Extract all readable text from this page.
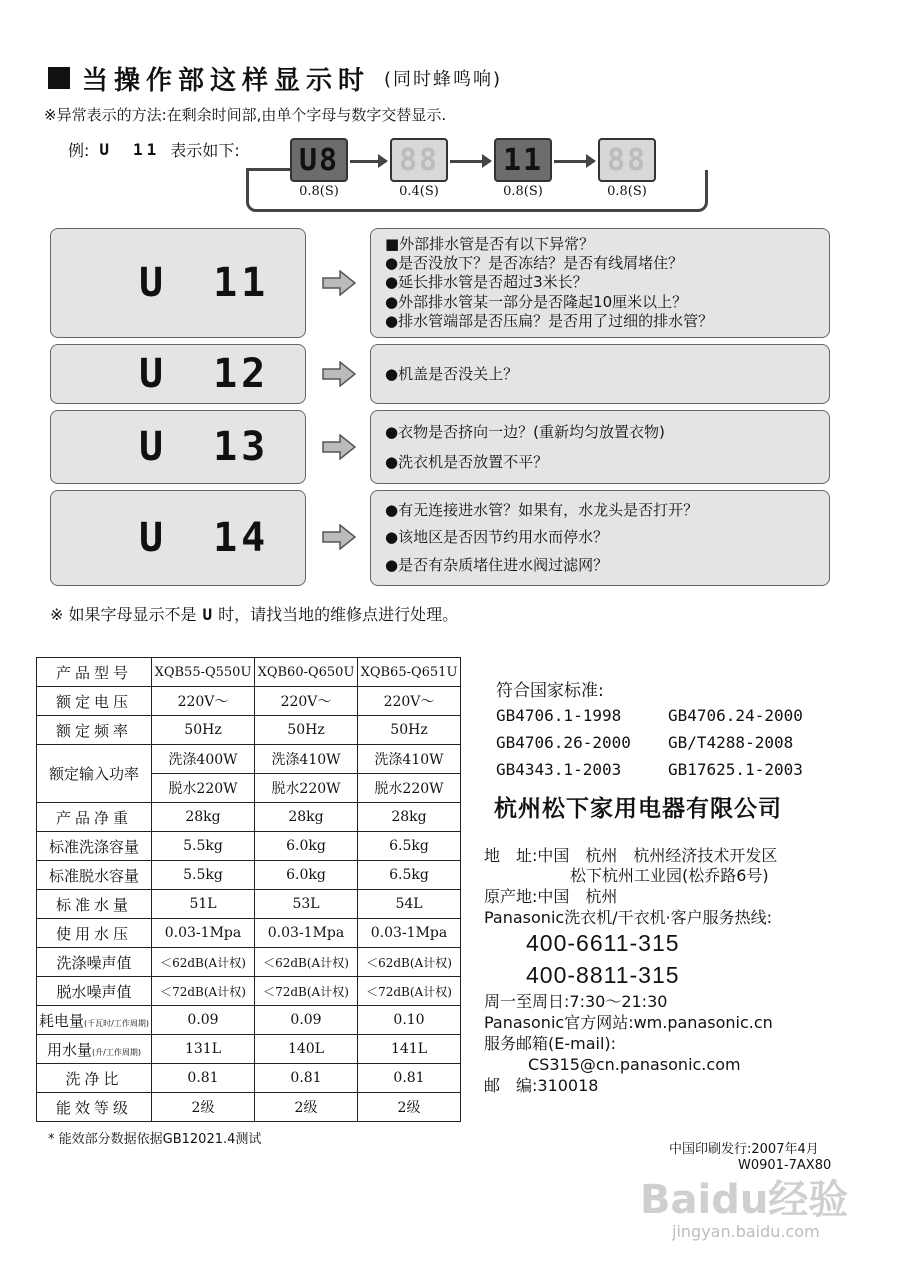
当操作部这样显示时 (同时蜂鸣响)
※异常表示的方法:在剩余时间部,由单个字母与数字交替显示.
例: U 11 表示如下: U8
0.8(S)
88
0.4(S)
11
0.8(S)
88
0.8(S)
U 11
■外部排水管是否有以下异常？
●是否没放下？是否冻结？是否有线屑堵住？
●延长排水管是否超过3米长？
●外部排水管某一部分是否隆起10厘米以上？
●排水管端部是否压扁？是否用了过细的排水管？
U 12	●机盖是否没关上？
U 13	●衣物是否挤向一边？(重新均匀放置衣物)
●洗衣机是否放置不平？
U 14
●有无连接进水管？如果有，水龙头是否打开？
●该地区是否因节约用水而停水？
●是否有杂质堵住进水阀过滤网？
※ 如果字母显示不是 U 时，请找当地的维修点进行处理。
产品型号	XQB55-Q550U	XQB60-Q650U	XQB65-Q651U
额定电压	220V～	220V～	220V～
额定频率	50Hz	50Hz	50Hz
额定输入功率	洗涤400W	洗涤410W	洗涤410W
	脱水220W	脱水220W	脱水220W
产品净重	28kg	28kg	28kg
标准洗涤容量	5.5kg	6.0kg	6.5kg
标准脱水容量	5.5kg	6.0kg	6.5kg
标准水量	51L	53L	54L
使用水压	0.03-1Mpa	0.03-1Mpa	0.03-1Mpa
洗涤噪声值	＜62dB(A计权)	＜62dB(A计权)	＜62dB(A计权)
脱水噪声值	＜72dB(A计权)	＜72dB(A计权)	＜72dB(A计权)
耗电量(千瓦时/工作周期)	0.09	0.09	0.10
用水量(升/工作周期)	131L	140L	141L
洗净比	0.81	0.81	0.81
能效等级	2级	2级	2级
* 能效部分数据依据GB12021.4测试
符合国家标准:
GB4706.1-1998	GB4706.24-2000
GB4706.26-2000	GB/T4288-2008
GB4343.1-2003	GB17625.1-2003
杭州松下家用电器有限公司
地　址:中国　杭州　杭州经济技术开发区
松下杭州工业园(松乔路6号)
原产地:中国　杭州
Panasonic洗衣机/干衣机·客户服务热线:
400-6611-315
400-8811-315
周一至周日:7:30～21:30
Panasonic官方网站:wm.panasonic.cn
服务邮箱(E-mail):
CS315@cn.panasonic.com
邮　编:310018
中国印刷发行:2007年4月
W0901-7AX80
Baidu经验
jingyan.baidu.com
